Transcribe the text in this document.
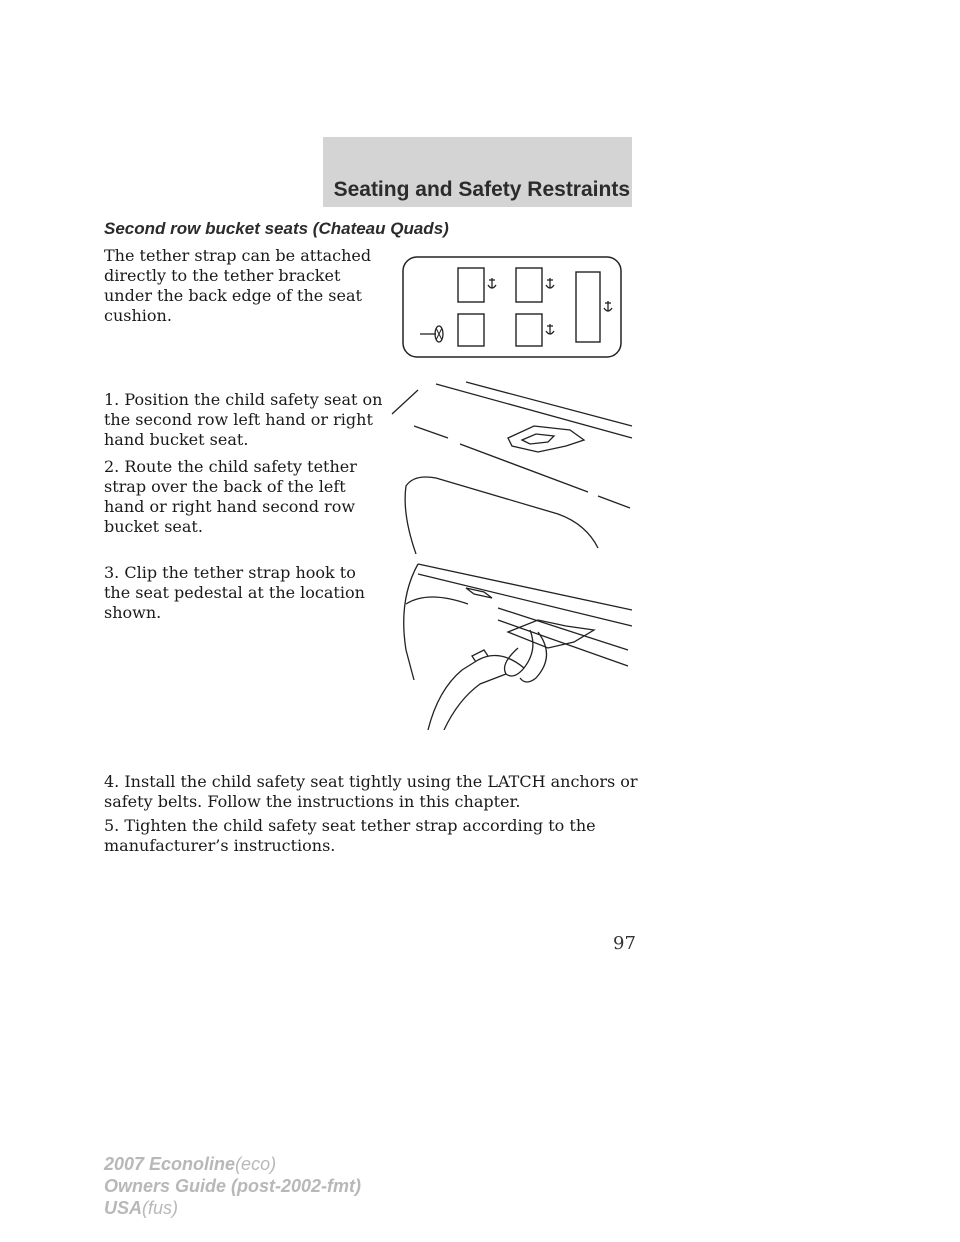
Seating and Safety Restraints
Second row bucket seats (Chateau Quads)

The tether strap can be attached directly to the tether bracket under the back edge of the seat cushion.

1. Position the child safety seat on the second row left hand or right hand bucket seat.

2. Route the child safety tether strap over the back of the left hand or right hand second row bucket seat.

3. Clip the tether strap hook to the seat pedestal at the location shown.

4. Install the child safety seat tightly using the LATCH anchors or safety belts. Follow the instructions in this chapter.

5. Tighten the child safety seat tether strap according to the manufacturer’s instructions.

97
2007 Econoline(eco)
Owners Guide (post-2002-fmt)
USA(fus)
